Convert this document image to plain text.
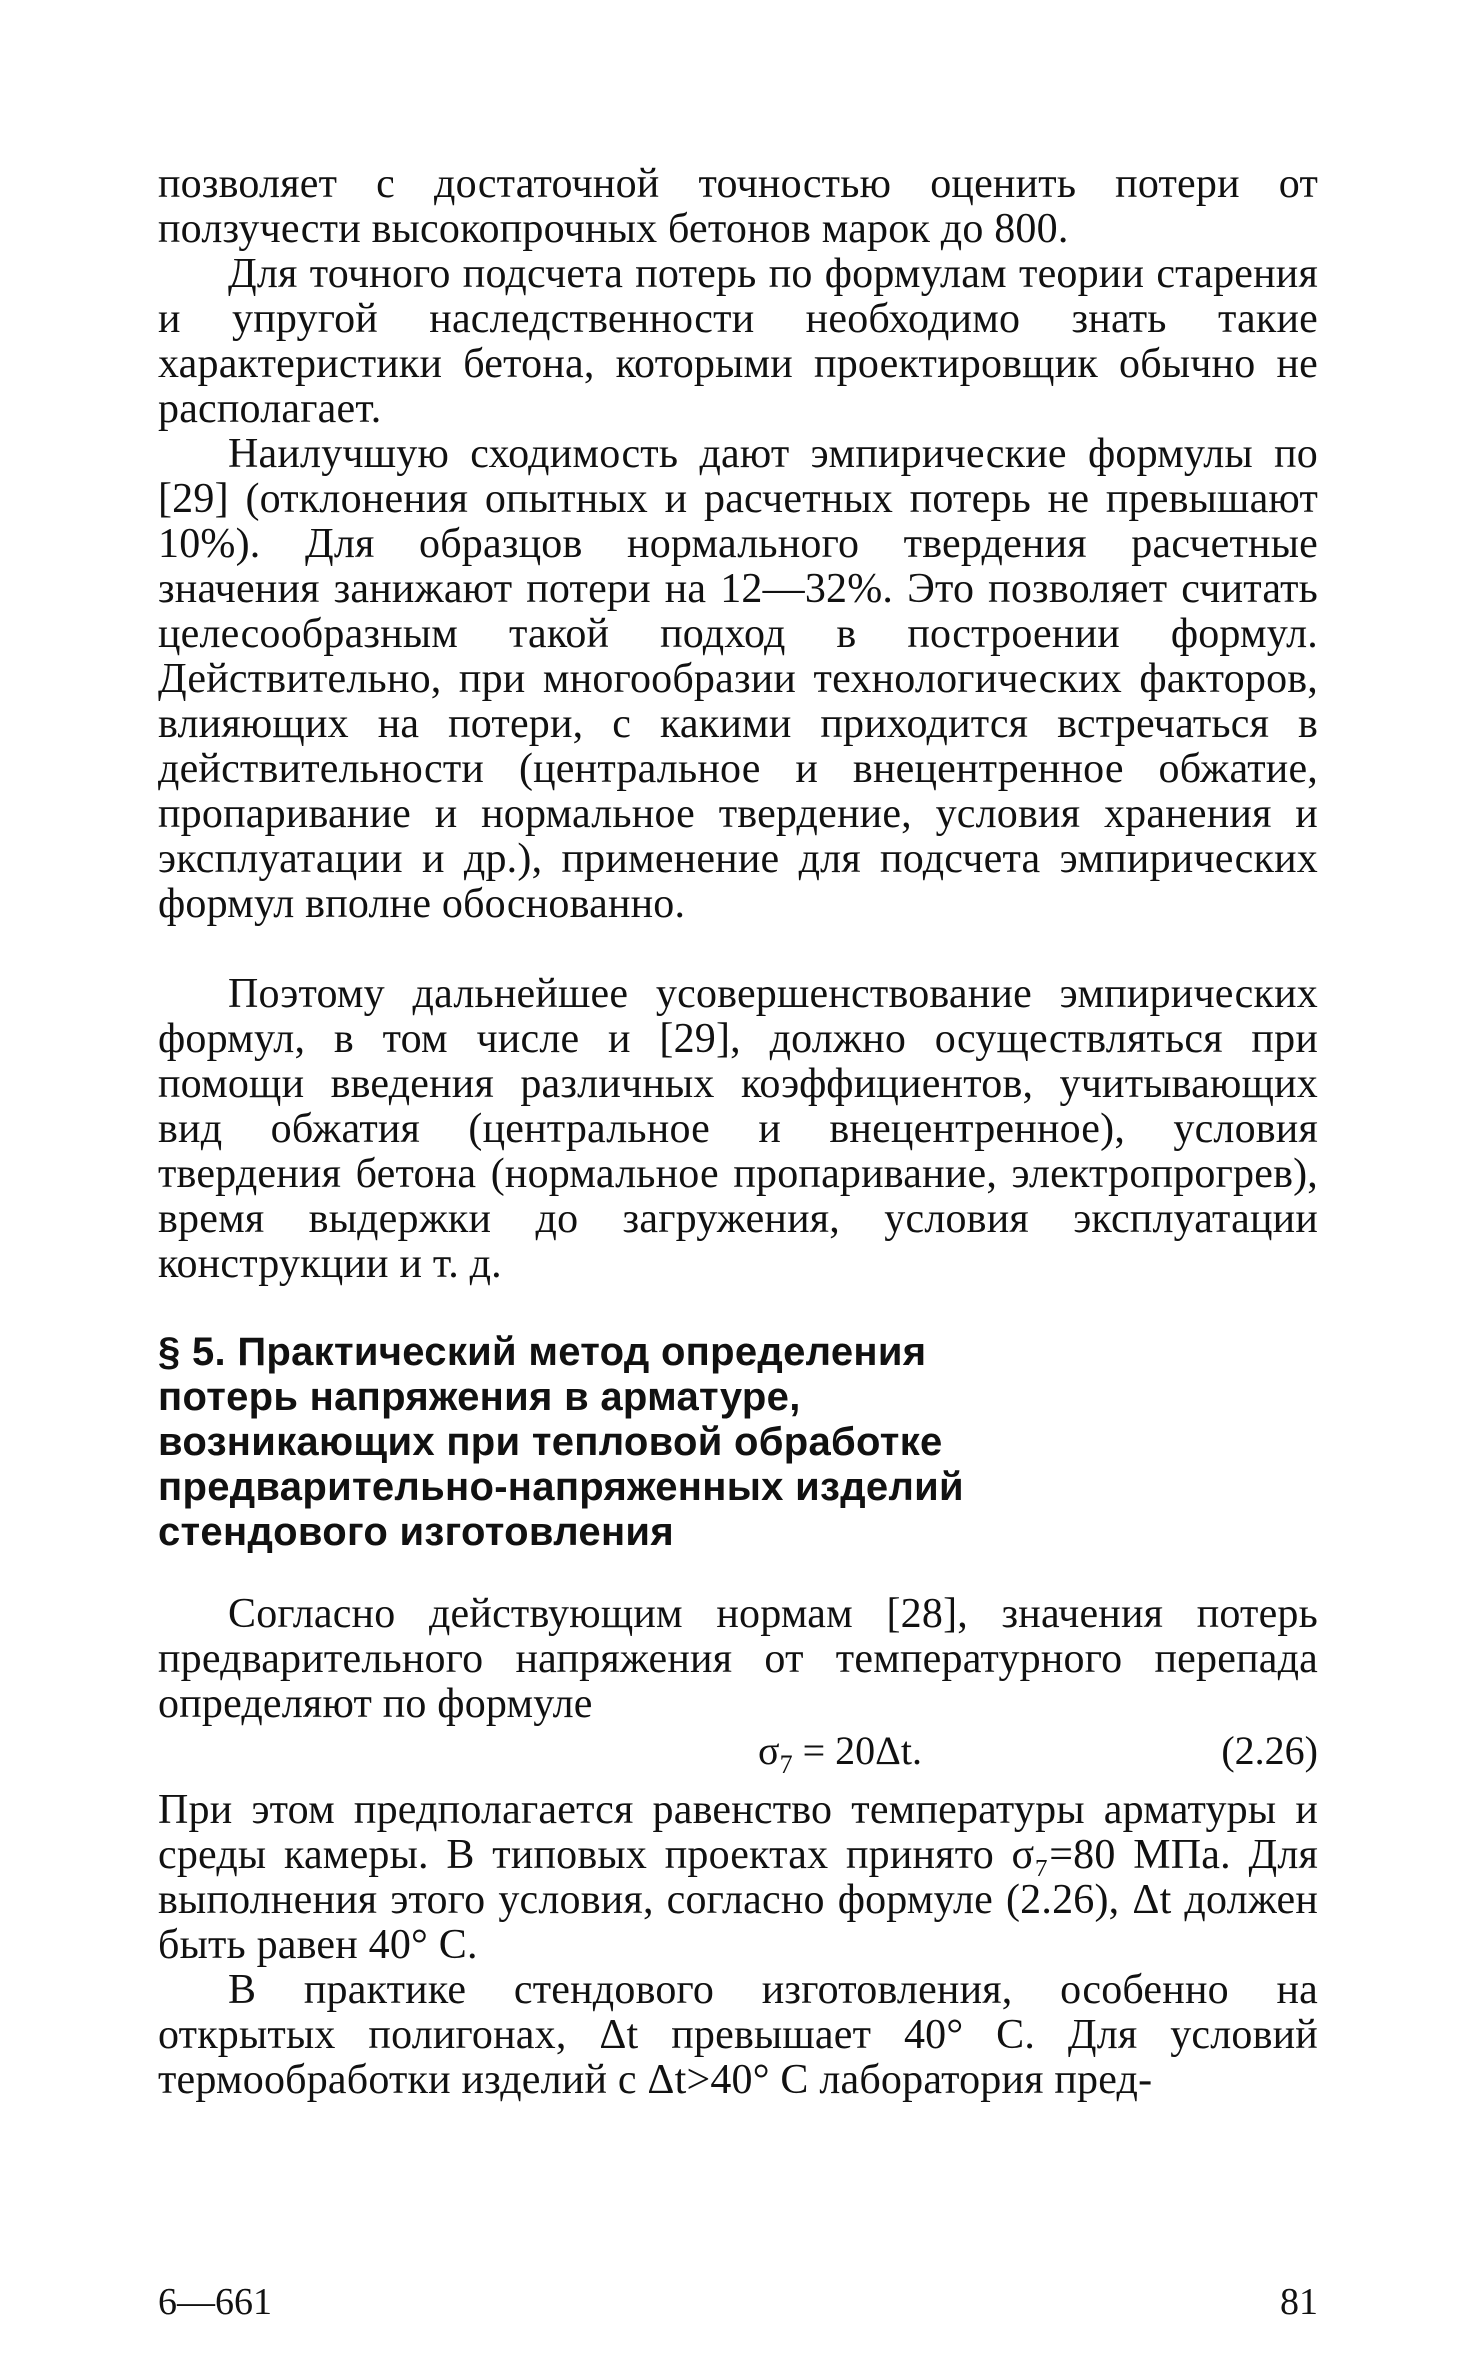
позволяет с достаточной точностью оценить потери от ползучести высокопрочных бетонов марок до 800.

Для точного подсчета потерь по формулам теории старения и упругой наследственности необходимо знать такие характеристики бетона, которыми проектировщик обычно не располагает.

Наилучшую сходимость дают эмпирические формулы по [29] (отклонения опытных и расчетных потерь не превышают 10%). Для образцов нормального твердения расчетные значения занижают потери на 12—32%. Это позволяет считать целесообразным такой подход в построении формул. Действительно, при многообразии технологических факторов, влияющих на потери, с какими приходится встречаться в действительности (центральное и внецентренное обжатие, пропаривание и нормальное твердение, условия хранения и эксплуатации и др.), применение для подсчета эмпирических формул вполне обоснованно.

Поэтому дальнейшее усовершенствование эмпирических формул, в том числе и [29], должно осуществляться при помощи введения различных коэффициентов, учитывающих вид обжатия (центральное и внецентренное), условия твердения бетона (нормальное пропаривание, электропрогрев), время выдержки до загружения, условия эксплуатации конструкции и т. д.

§ 5. Практический метод определения
потерь напряжения в арматуре,
возникающих при тепловой обработке
предварительно-напряженных изделий
стендового изготовления

Согласно действующим нормам [28], значения потерь предварительного напряжения от температурного перепада определяют по формуле

$\sigma_7 = 20\Delta t$.	(2.26)

При этом предполагается равенство температуры арматуры и среды камеры. В типовых проектах принято σ₇=80 МПа. Для выполнения этого условия, согласно формуле (2.26), Δt должен быть равен 40° С.

В практике стендового изготовления, особенно на открытых полигонах, Δt превышает 40° С. Для условий термообработки изделий с Δt>40° С лаборатория пред-

6—661	81
